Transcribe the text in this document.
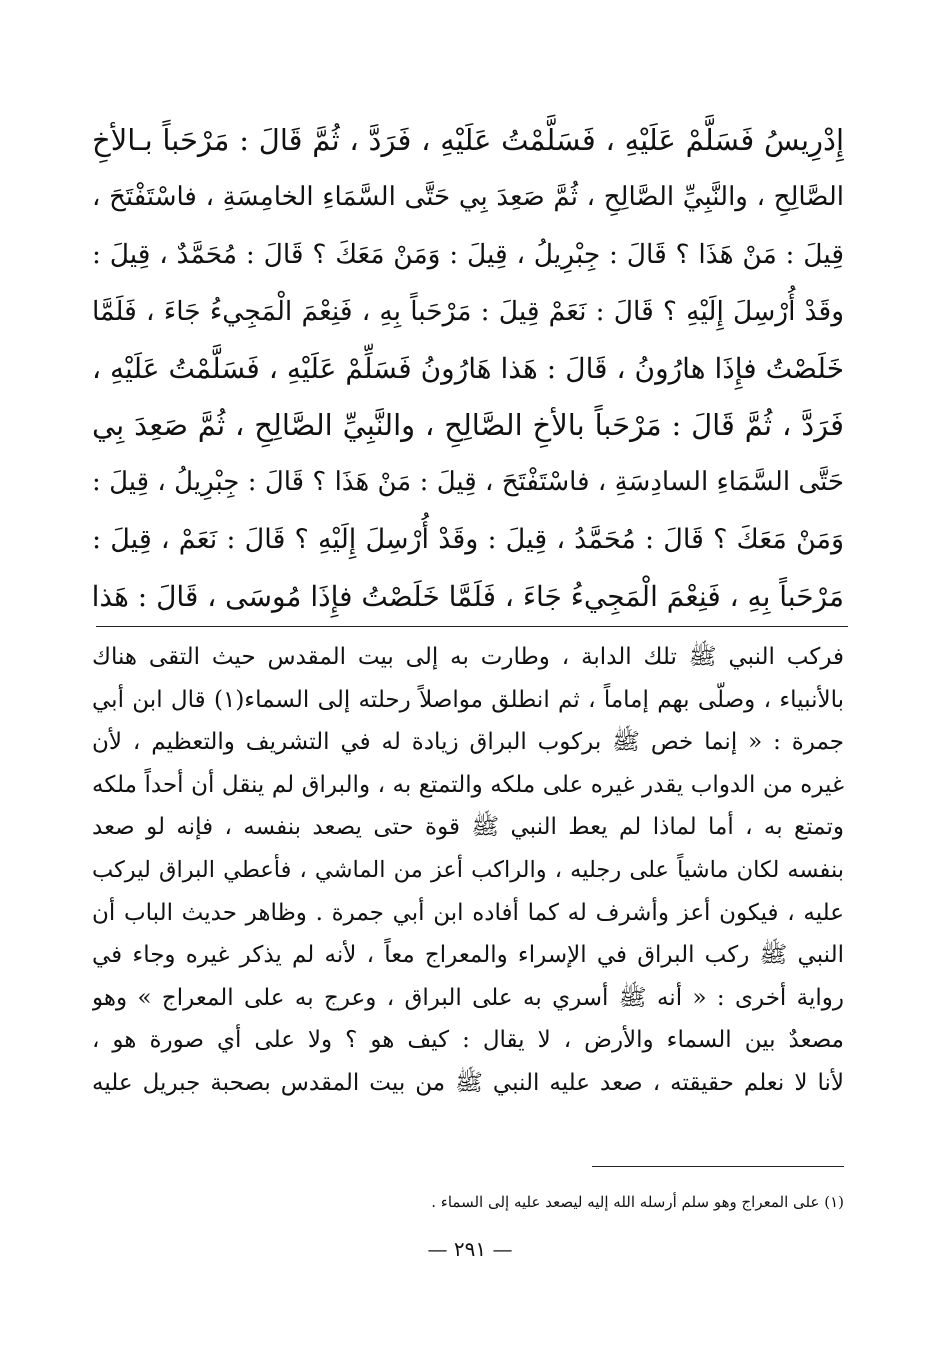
إِدْرِيسُ فَسَلَّمْ عَلَيْهِ ، فَسَلَّمْتُ عَلَيْهِ ، فَرَدَّ ، ثُمَّ قَالَ : مَرْحَباً بـالأخِ
الصَّالِحِ ، والنَّبِيِّ الصَّالِحِ ، ثُمَّ صَعِدَ بِي حَتَّى السَّمَاءِ الخامِسَةِ ، فاسْتَفْتَحَ ،
قِيلَ : مَنْ هَذَا ؟ قَالَ : جِبْرِيلُ ، قِيلَ : وَمَنْ مَعَكَ ؟ قَالَ : مُحَمَّدٌ ، قِيلَ :
وقَدْ أُرْسِلَ إِلَيْهِ ؟ قَالَ : نَعَمْ قِيلَ : مَرْحَباً بِهِ ، فَنِعْمَ الْمَجِيءُ جَاءَ ، فَلَمَّا
خَلَصْتُ فإِذَا هارُونُ ، قَالَ : هَذا هَارُونُ فَسَلِّمْ عَلَيْهِ ، فَسَلَّمْتُ عَلَيْهِ ،
فَرَدَّ ، ثُمَّ قَالَ : مَرْحَباً بالأخِ الصَّالِحِ ، والنَّبِيِّ الصَّالِحِ ، ثُمَّ صَعِدَ بِي
حَتَّى السَّمَاءِ السادِسَةِ ، فاسْتَفْتَحَ ، قِيلَ : مَنْ هَذَا ؟ قَالَ : جِبْرِيلُ ، قِيلَ :
وَمَنْ مَعَكَ ؟ قَالَ : مُحَمَّدُ ، قِيلَ : وقَدْ أُرْسِلَ إِلَيْهِ ؟ قَالَ : نَعَمْ ، قِيلَ :
مَرْحَباً بِهِ ، فَنِعْمَ الْمَجِيءُ جَاءَ ، فَلَمَّا خَلَصْتُ فإِذَا مُوسَى ، قَالَ : هَذا
فركب النبي ﷺ تلك الدابة ، وطارت به إلى بيت المقدس حيث التقى هناك
بالأنبياء ، وصلّى بهم إماماً ، ثم انطلق مواصلاً رحلته إلى السماء(١) قال ابن أبي
جمرة : « إنما خص ﷺ بركوب البراق زيادة له في التشريف والتعظيم ، لأن
غيره من الدواب يقدر غيره على ملكه والتمتع به ، والبراق لم ينقل أن أحداً ملكه
وتمتع به ، أما لماذا لم يعط النبي ﷺ قوة حتى يصعد بنفسه ، فإنه لو صعد
بنفسه لكان ماشياً على رجليه ، والراكب أعز من الماشي ، فأعطي البراق ليركب
عليه ، فيكون أعز وأشرف له كما أفاده ابن أبي جمرة . وظاهر حديث الباب أن
النبي ﷺ ركب البراق في الإسراء والمعراج معاً ، لأنه لم يذكر غيره وجاء في
رواية أخرى : « أنه ﷺ أسري به على البراق ، وعرج به على المعراج » وهو
مصعدٌ بين السماء والأرض ، لا يقال : كيف هو ؟ ولا على أي صورة هو ،
لأنا لا نعلم حقيقته ، صعد عليه النبي ﷺ من بيت المقدس بصحبة جبريل عليه
(١) على المعراج وهو سلم أرسله الله إليه ليصعد عليه إلى السماء .
— ٢٩١ —
